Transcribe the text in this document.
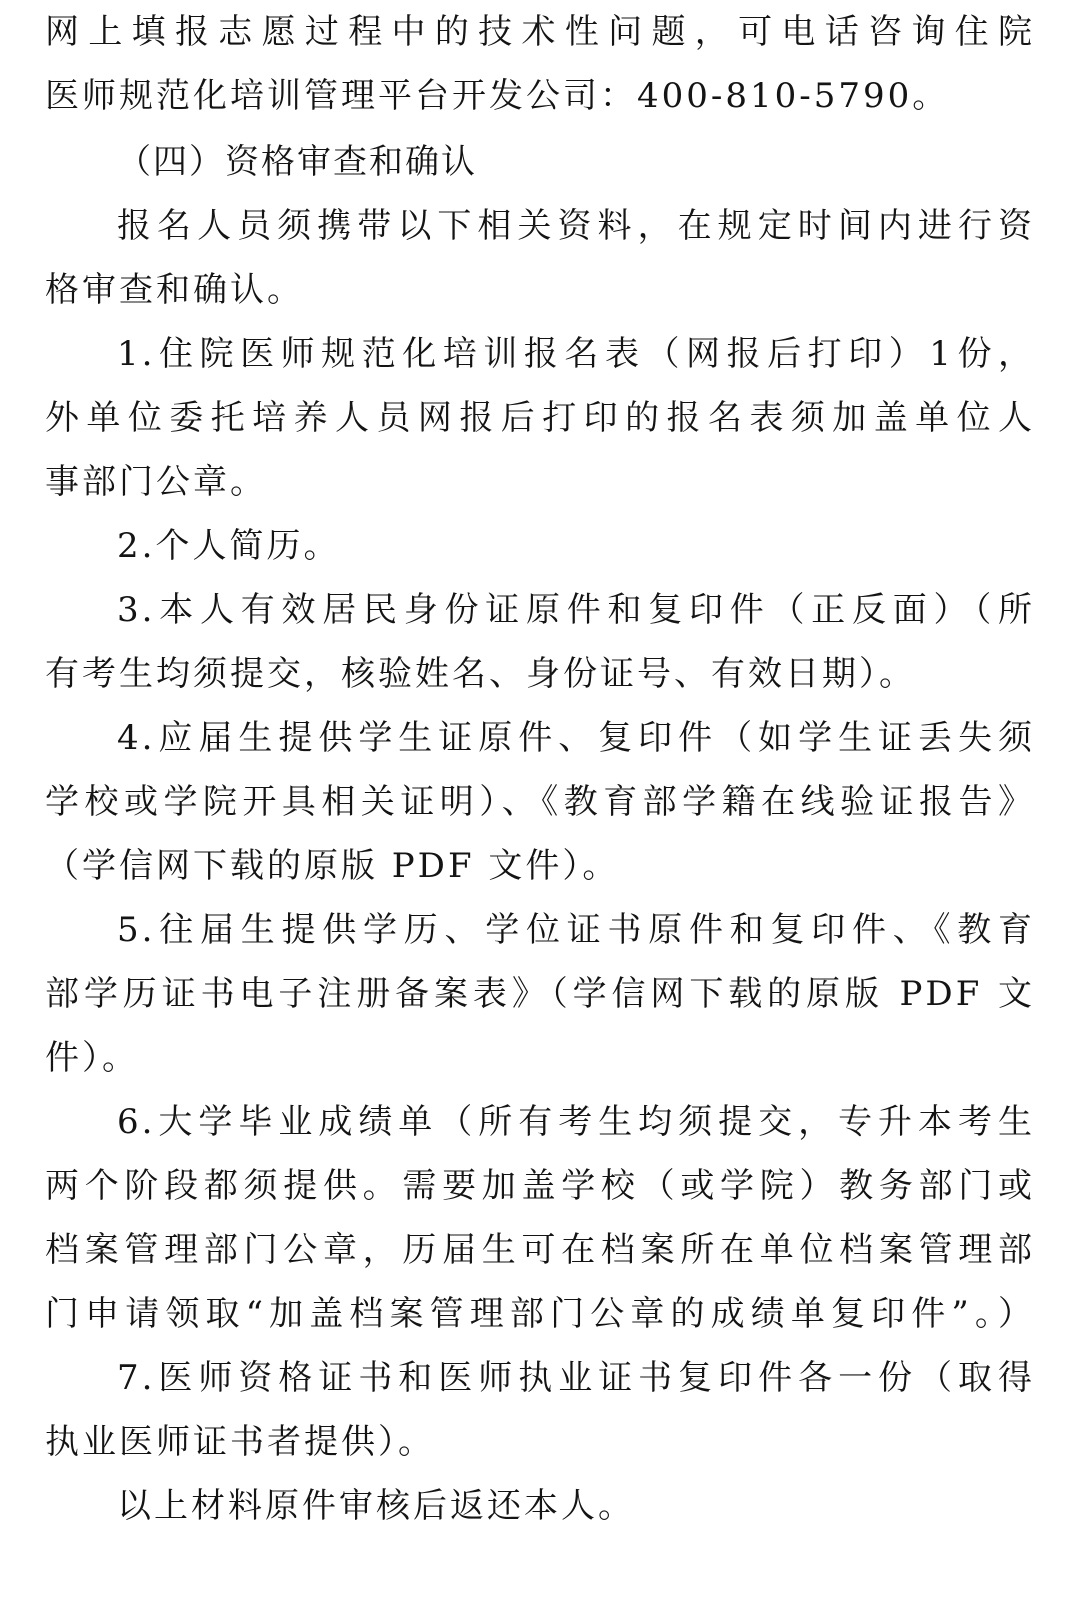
网上填报志愿过程中的技术性问题，可电话咨询住院
医师规范化培训管理平台开发公司：400-810-5790。
（四）资格审查和确认
报名人员须携带以下相关资料，在规定时间内进行资
格审查和确认。
1.住院医师规范化培训报名表（网报后打印）1份，
外单位委托培养人员网报后打印的报名表须加盖单位人
事部门公章。
2.个人简历。
3.本人有效居民身份证原件和复印件（正反面）（所
有考生均须提交，核验姓名、身份证号、有效日期）。
4.应届生提供学生证原件、复印件（如学生证丢失须
学校或学院开具相关证明）、《教育部学籍在线验证报告》
（学信网下载的原版 PDF 文件）。
5.往届生提供学历、学位证书原件和复印件、《教育
部学历证书电子注册备案表》（学信网下载的原版 PDF 文
件）。
6.大学毕业成绩单（所有考生均须提交，专升本考生
两个阶段都须提供。需要加盖学校（或学院）教务部门或
档案管理部门公章，历届生可在档案所在单位档案管理部
门申请领取“加盖档案管理部门公章的成绩单复印件”。）
7.医师资格证书和医师执业证书复印件各一份（取得
执业医师证书者提供）。
以上材料原件审核后返还本人。
